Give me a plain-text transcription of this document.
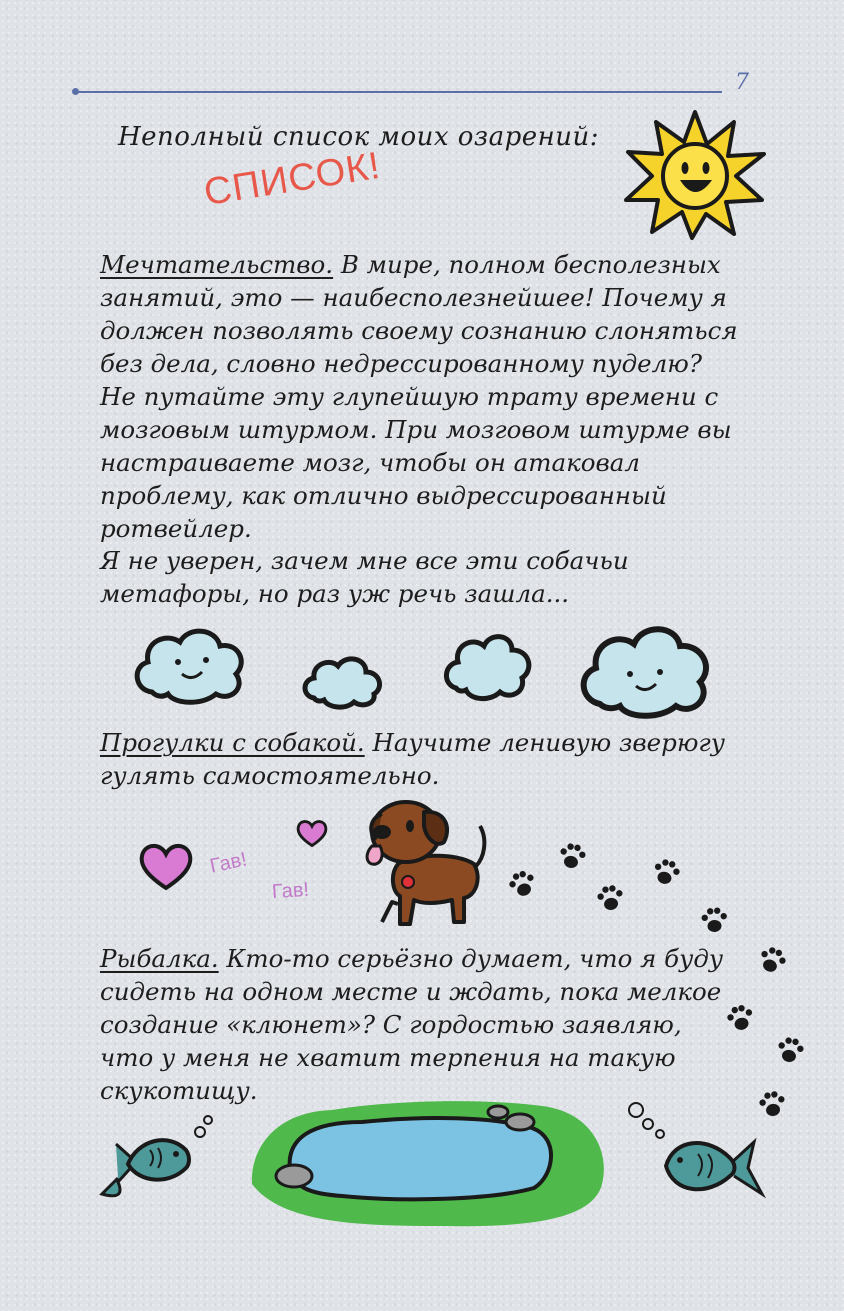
7
Неполный список моих озарений:
СПИСОК!

Мечтательство. В мире, полном бесполезных занятий, это — наибесполезнейшее! Почему я должен позволять своему сознанию слоняться без дела, словно недрессированному пуделю? Не путайте эту глупейшую трату времени с мозговым штурмом. При мозговом штурме вы настраиваете мозг, чтобы он атаковал проблему, как отлично выдрессированный ротвейлер.

Я не уверен, зачем мне все эти собачьи метафоры, но раз уж речь зашла...

Прогулки с собакой. Научите ленивую зверюгу гулять самостоятельно.

Гав!
Гав!

Рыбалка. Кто-то серьёзно думает, что я буду сидеть на одном месте и ждать, пока мелкое создание «клюнет»? С гордостью заявляю, что у меня не хватит терпения на такую скукотищу.
